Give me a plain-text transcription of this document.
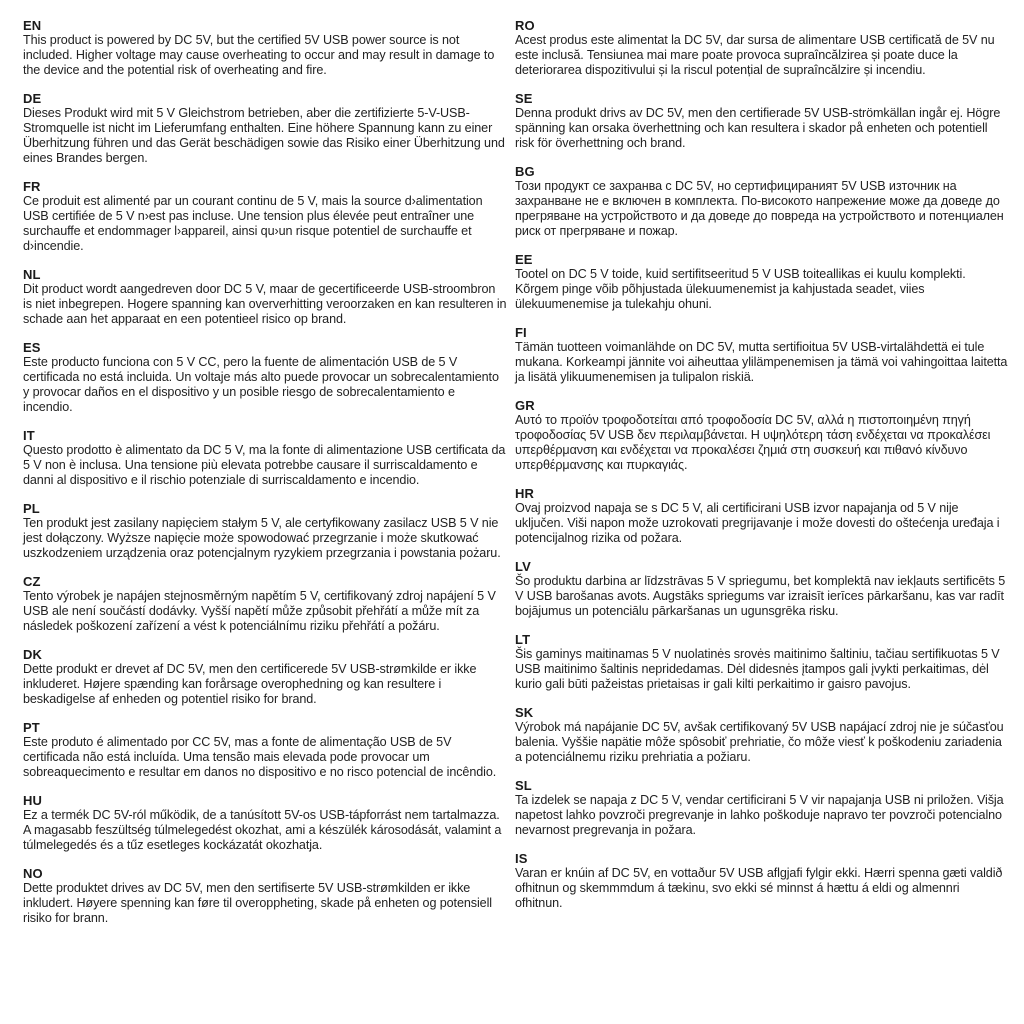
EN

This product is powered by DC 5V, but the certified 5V USB power source is not included. Higher voltage may cause overheating to occur and may result in damage to the device and the potential risk of overheating and fire.

DE

Dieses Produkt wird mit 5 V Gleichstrom betrieben, aber die zertifizierte 5-V-USB-Stromquelle ist nicht im Lieferumfang enthalten. Eine höhere Spannung kann zu einer Überhitzung führen und das Gerät beschädigen sowie das Risiko einer Überhitzung und eines Brandes bergen.

FR

Ce produit est alimenté par un courant continu de 5 V, mais la source d›alimentation USB certifiée de 5 V n›est pas incluse. Une tension plus élevée peut entraîner une surchauffe et endommager l›appareil, ainsi qu›un risque potentiel de surchauffe et d›incendie.

NL

Dit product wordt aangedreven door DC 5 V, maar de gecertificeerde USB-stroombron is niet inbegrepen. Hogere spanning kan oververhitting veroorzaken en kan resulteren in schade aan het apparaat en een potentieel risico op brand.

ES

Este producto funciona con 5 V CC, pero la fuente de alimentación USB de 5 V certificada no está incluida. Un voltaje más alto puede provocar un sobrecalentamiento y provocar daños en el dispositivo y un posible riesgo de sobrecalentamiento e incendio.

IT

Questo prodotto è alimentato da DC 5 V, ma la fonte di alimentazione USB certificata da 5 V non è inclusa. Una tensione più elevata potrebbe causare il surriscaldamento e danni al dispositivo e il rischio potenziale di surriscaldamento e incendio.

PL

Ten produkt jest zasilany napięciem stałym 5 V, ale certyfikowany zasilacz USB 5 V nie jest dołączony. Wyższe napięcie może spowodować przegrzanie i może skutkować uszkodzeniem urządzenia oraz potencjalnym ryzykiem przegrzania i powstania pożaru.

CZ

Tento výrobek je napájen stejnosměrným napětím 5 V, certifikovaný zdroj napájení 5 V USB ale není součástí dodávky. Vyšší napětí může způsobit přehřátí a může mít za následek poškození zařízení a vést k potenciálnímu riziku přehřátí a požáru.

DK

Dette produkt er drevet af DC 5V, men den certificerede 5V USB-strømkilde er ikke inkluderet. Højere spænding kan forårsage overophedning og kan resultere i beskadigelse af enheden og potentiel risiko for brand.

PT

Este produto é alimentado por CC 5V, mas a fonte de alimentação USB de 5V certificada não está incluída. Uma tensão mais elevada pode provocar um sobreaquecimento e resultar em danos no dispositivo e no risco potencial de incêndio.

HU

Ez a termék DC 5V-ról működik, de a tanúsított 5V-os USB-tápforrást nem tartalmazza. A magasabb feszültség túlmelegedést okozhat, ami a készülék károsodását, valamint a túlmelegedés és a tűz esetleges kockázatát okozhatja.

NO

Dette produktet drives av DC 5V, men den sertifiserte 5V USB-strømkilden er ikke inkludert. Høyere spenning kan føre til overoppheting, skade på enheten og potensiell risiko for brann.

RO

Acest produs este alimentat la DC 5V, dar sursa de alimentare USB certificată de 5V nu este inclusă. Tensiunea mai mare poate provoca supraîncălzirea și poate duce la deteriorarea dispozitivului și la riscul potențial de supraîncălzire și incendiu.

SE

Denna produkt drivs av DC 5V, men den certifierade 5V USB-strömkällan ingår ej. Högre spänning kan orsaka överhettning och kan resultera i skador på enheten och potentiell risk för överhettning och brand.

BG

Този продукт се захранва с DC 5V, но сертифицираният 5V USB източник на захранване не е включен в комплекта. По-високото напрежение може да доведе до прегряване на устройството и да доведе до повреда на устройството и потенциален риск от прегряване и пожар.

EE

Tootel on DC 5 V toide, kuid sertifitseeritud 5 V USB toiteallikas ei kuulu komplekti. Kõrgem pinge võib põhjustada ülekuumenemist ja kahjustada seadet, viies ülekuumenemise ja tulekahju ohuni.

FI

Tämän tuotteen voimanlähde on DC 5V, mutta sertifioitua 5V USB-virtalähdettä ei tule mukana. Korkeampi jännite voi aiheuttaa ylilämpenemisen ja tämä voi vahingoittaa laitetta ja lisätä ylikuumenemisen ja tulipalon riskiä.

GR

Αυτό το προϊόν τροφοδοτείται από τροφοδοσία DC 5V, αλλά η πιστοποιημένη πηγή τροφοδοσίας 5V USB δεν περιλαμβάνεται. Η υψηλότερη τάση ενδέχεται να προκαλέσει υπερθέρμανση και ενδέχεται να προκαλέσει ζημιά στη συσκευή και πιθανό κίνδυνο υπερθέρμανσης και πυρκαγιάς.

HR

Ovaj proizvod napaja se s DC 5 V, ali certificirani USB izvor napajanja od 5 V nije uključen. Viši napon može uzrokovati pregrijavanje i može dovesti do oštećenja uređaja i potencijalnog rizika od požara.

LV

Šo produktu darbina ar līdzstrāvas 5 V spriegumu, bet komplektā nav iekļauts sertificēts 5 V USB barošanas avots. Augstāks spriegums var izraisīt ierīces pārkaršanu, kas var radīt bojājumus un potenciālu pārkaršanas un ugunsgrēka risku.

LT

Šis gaminys maitinamas 5 V nuolatinės srovės maitinimo šaltiniu, tačiau sertifikuotas 5 V USB maitinimo šaltinis nepridedamas. Dėl didesnės įtampos gali įvykti perkaitimas, dėl kurio gali būti pažeistas prietaisas ir gali kilti perkaitimo ir gaisro pavojus.

SK

Výrobok má napájanie DC 5V, avšak certifikovaný 5V USB napájací zdroj nie je súčasťou balenia. Vyššie napätie môže spôsobiť prehriatie, čo môže viesť k poškodeniu zariadenia a potenciálnemu riziku prehriatia a požiaru.

SL

Ta izdelek se napaja z DC 5 V, vendar certificirani 5 V vir napajanja USB ni priložen. Višja napetost lahko povzroči pregrevanje in lahko poškoduje napravo ter povzroči potencialno nevarnost pregrevanja in požara.

IS

Varan er knúin af DC 5V, en vottaður 5V USB aflgjafi fylgir ekki. Hærri spenna gæti valdið ofhitnun og skemmmdum á tækinu, svo ekki sé minnst á hættu á eldi og almennri ofhitnun.
